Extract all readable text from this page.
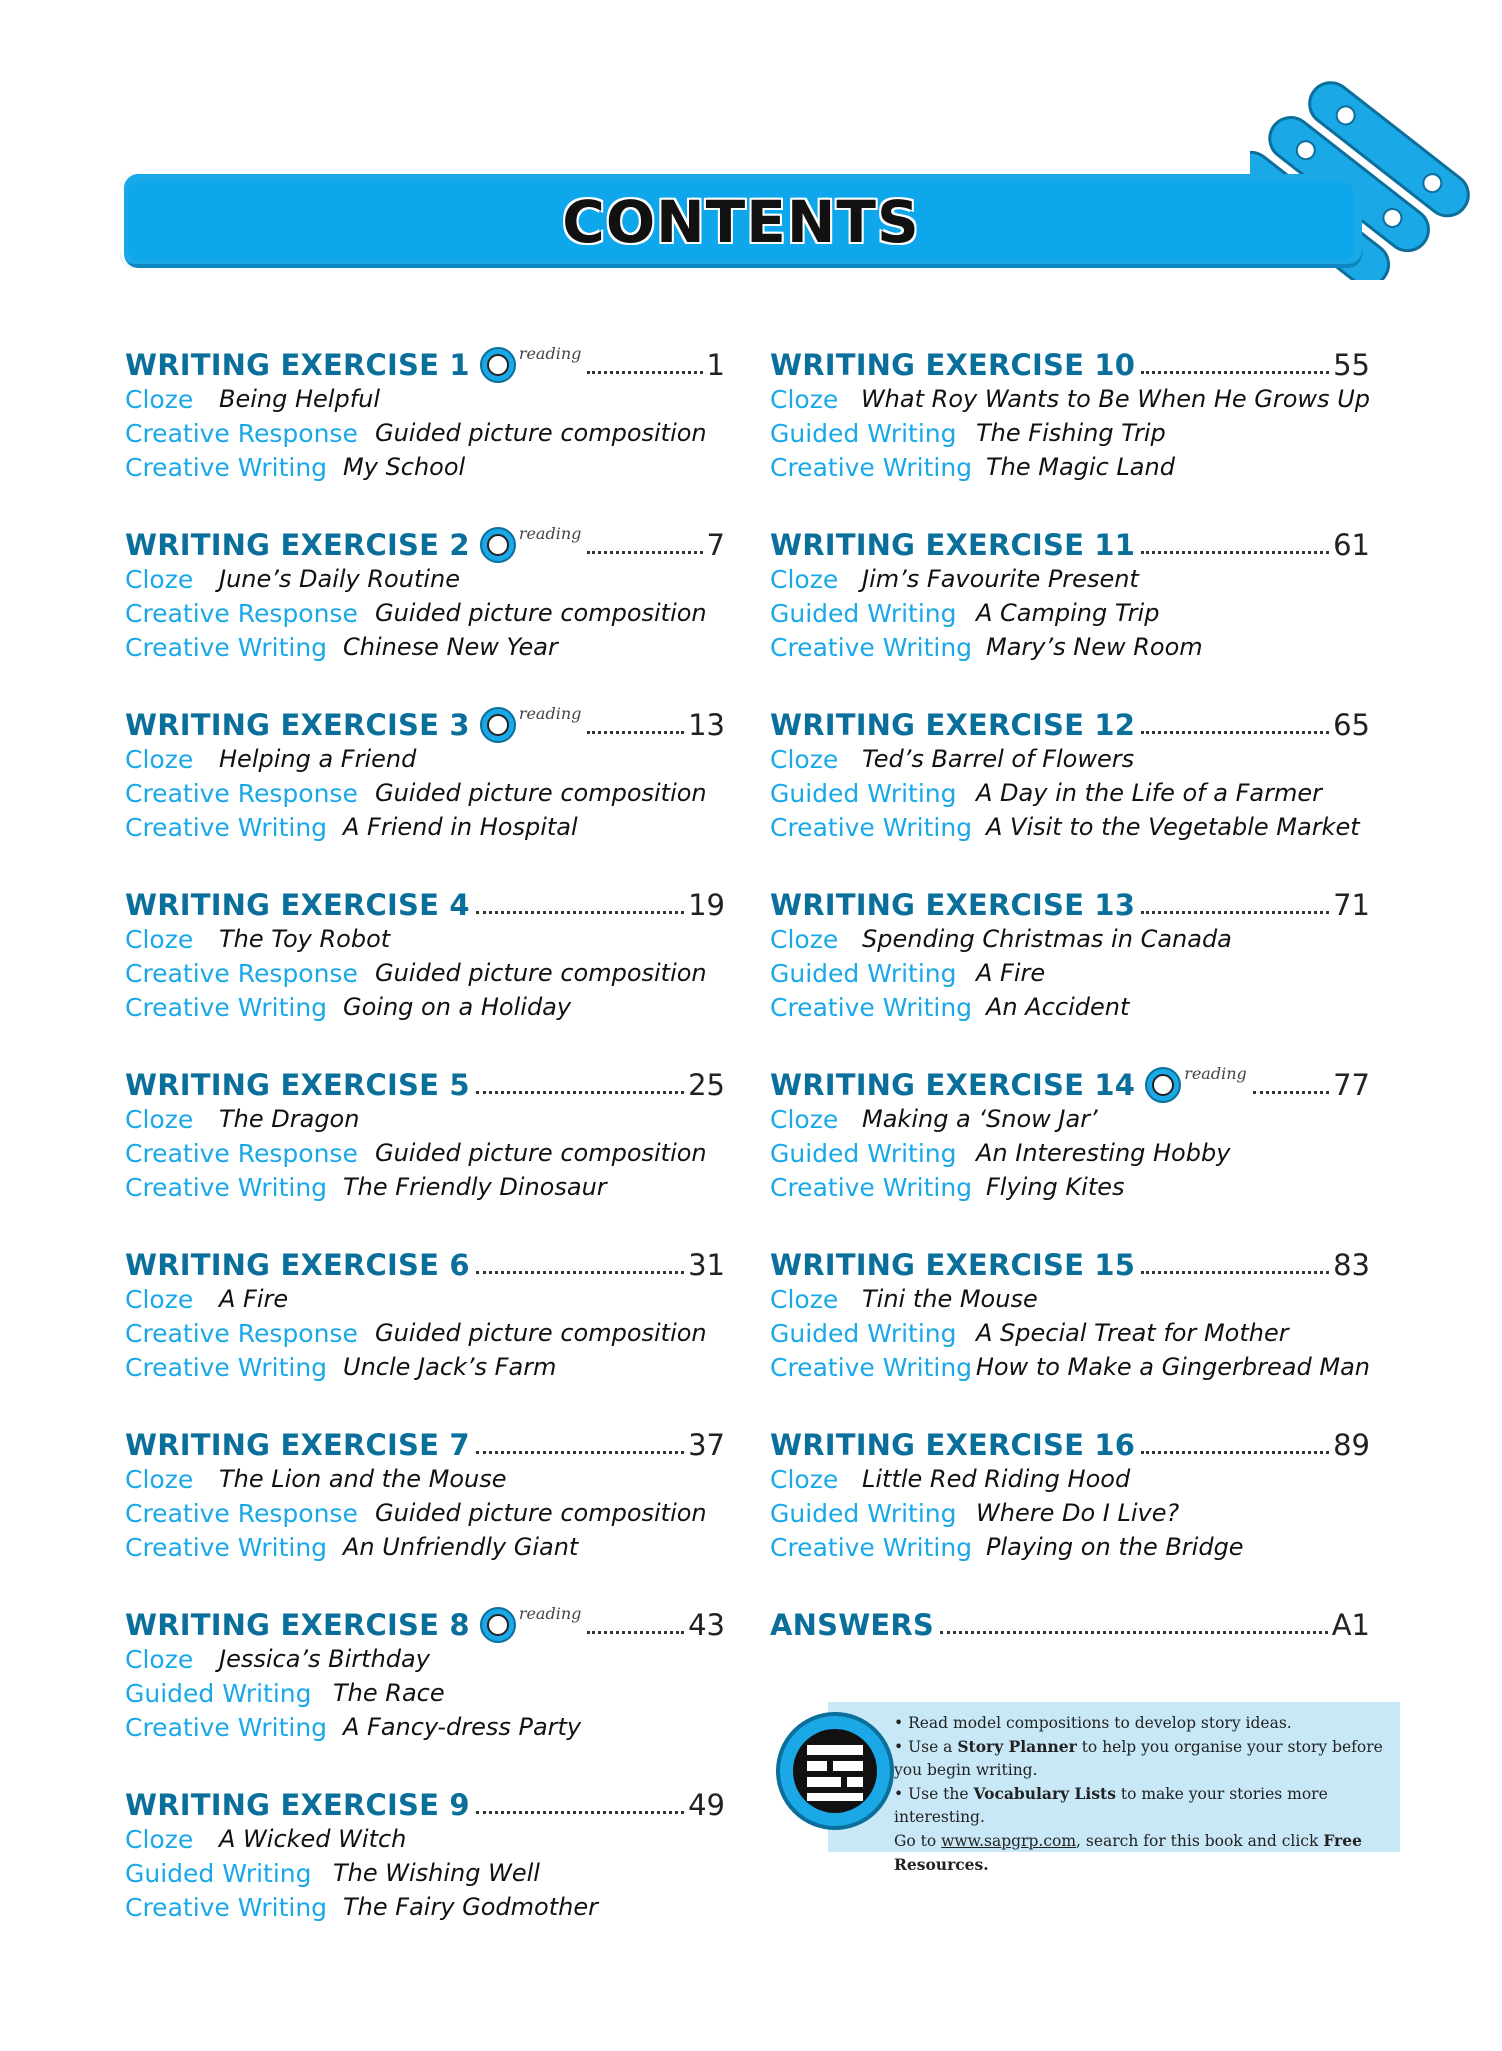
CONTENTS
WRITING EXERCISE 1	reading	1
Cloze	Being Helpful
Creative Response Guided picture composition
Creative Writing My School
WRITING EXERCISE 2	reading	7
Cloze	June’s Daily Routine
Creative Response Guided picture composition
Creative Writing Chinese New Year
WRITING EXERCISE 3	reading	13
Cloze	Helping a Friend
Creative Response Guided picture composition
Creative Writing A Friend in Hospital
WRITING EXERCISE 4	19
Cloze	The Toy Robot
Creative Response Guided picture composition
Creative Writing Going on a Holiday
WRITING EXERCISE 5	25
Cloze	The Dragon
Creative Response Guided picture composition
Creative Writing The Friendly Dinosaur
WRITING EXERCISE 6	31
Cloze	A Fire
Creative Response Guided picture composition
Creative Writing Uncle Jack’s Farm
WRITING EXERCISE 7	37
Cloze	The Lion and the Mouse
Creative Response Guided picture composition
Creative Writing An Unfriendly Giant
WRITING EXERCISE 8	reading	43
Cloze	Jessica’s Birthday
Guided Writing The Race
Creative Writing A Fancy-dress Party
WRITING EXERCISE 9	49
Cloze	A Wicked Witch
Guided Writing The Wishing Well
Creative Writing The Fairy Godmother
WRITING EXERCISE 10	55
Cloze What Roy Wants to Be When He Grows Up
Guided Writing The Fishing Trip
Creative Writing The Magic Land
WRITING EXERCISE 11	61
Cloze Jim’s Favourite Present
Guided Writing A Camping Trip
Creative Writing Mary’s New Room
WRITING EXERCISE 12	65
Cloze Ted’s Barrel of Flowers
Guided Writing A Day in the Life of a Farmer
Creative Writing A Visit to the Vegetable Market
WRITING EXERCISE 13	71
Cloze Spending Christmas in Canada
Guided Writing A Fire
Creative Writing An Accident
WRITING EXERCISE 14	reading	77
Cloze Making a ‘Snow Jar’
Guided Writing An Interesting Hobby
Creative Writing Flying Kites
WRITING EXERCISE 15	83
Cloze Tini the Mouse
Guided Writing A Special Treat for Mother
Creative Writing How to Make a Gingerbread Man
WRITING EXERCISE 16	89
Cloze Little Red Riding Hood
Guided Writing Where Do I Live?
Creative Writing Playing on the Bridge
ANSWERS	A1

• Read model compositions to develop story ideas.

• Use a Story Planner to help you organise your story before you begin writing.

• Use the Vocabulary Lists to make your stories more interesting.

Go to www.sapgrp.com, search for this book and click Free Resources.
